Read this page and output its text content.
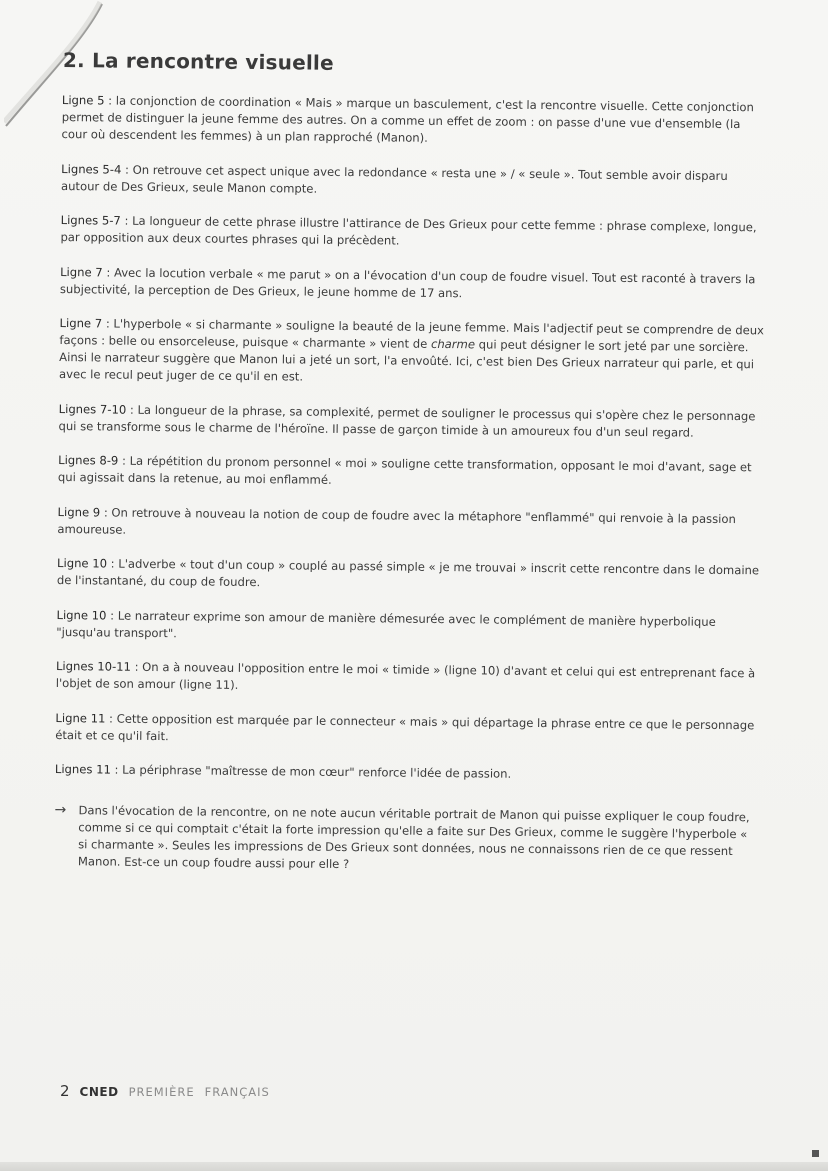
2. La rencontre visuelle

Ligne 5 : la conjonction de coordination « Mais » marque un basculement, c'est la rencontre visuelle. Cette conjonction permet de distinguer la jeune femme des autres. On a comme un effet de zoom : on passe d'une vue d'ensemble (la cour où descendent les femmes) à un plan rapproché (Manon).

Lignes 5-4 : On retrouve cet aspect unique avec la redondance « resta une » / « seule ». Tout semble avoir disparu autour de Des Grieux, seule Manon compte.

Lignes 5-7 : La longueur de cette phrase illustre l'attirance de Des Grieux pour cette femme : phrase complexe, longue, par opposition aux deux courtes phrases qui la précèdent.

Ligne 7 : Avec la locution verbale « me parut » on a l'évocation d'un coup de foudre visuel. Tout est raconté à travers la subjectivité, la perception de Des Grieux, le jeune homme de 17 ans.

Ligne 7 : L'hyperbole « si charmante » souligne la beauté de la jeune femme. Mais l'adjectif peut se comprendre de deux façons : belle ou ensorceleuse, puisque « charmante » vient de charme qui peut désigner le sort jeté par une sorcière. Ainsi le narrateur suggère que Manon lui a jeté un sort, l'a envoûté. Ici, c'est bien Des Grieux narrateur qui parle, et qui avec le recul peut juger de ce qu'il en est.

Lignes 7-10 : La longueur de la phrase, sa complexité, permet de souligner le processus qui s'opère chez le personnage qui se transforme sous le charme de l'héroïne. Il passe de garçon timide à un amoureux fou d'un seul regard.

Lignes 8-9 : La répétition du pronom personnel « moi » souligne cette transformation, opposant le moi d'avant, sage et qui agissait dans la retenue, au moi enflammé.

Ligne 9 : On retrouve à nouveau la notion de coup de foudre avec la métaphore "enflammé" qui renvoie à la passion amoureuse.

Ligne 10 : L'adverbe « tout d'un coup » couplé au passé simple « je me trouvai » inscrit cette rencontre dans le domaine de l'instantané, du coup de foudre.

Ligne 10 : Le narrateur exprime son amour de manière démesurée avec le complément de manière hyperbolique "jusqu'au transport".

Lignes 10-11 : On a à nouveau l'opposition entre le moi « timide » (ligne 10) d'avant et celui qui est entreprenant face à l'objet de son amour (ligne 11).

Ligne 11 : Cette opposition est marquée par le connecteur « mais » qui départage la phrase entre ce que le personnage était et ce qu'il fait.

Lignes 11 : La périphrase "maîtresse de mon cœur" renforce l'idée de passion.

→ Dans l'évocation de la rencontre, on ne note aucun véritable portrait de Manon qui puisse expliquer le coup foudre, comme si ce qui comptait c'était la forte impression qu'elle a faite sur Des Grieux, comme le suggère l'hyperbole « si charmante ». Seules les impressions de Des Grieux sont données, nous ne connaissons rien de ce que ressent Manon. Est-ce un coup foudre aussi pour elle ?

2 CNED PREMIÈRE FRANÇAIS
